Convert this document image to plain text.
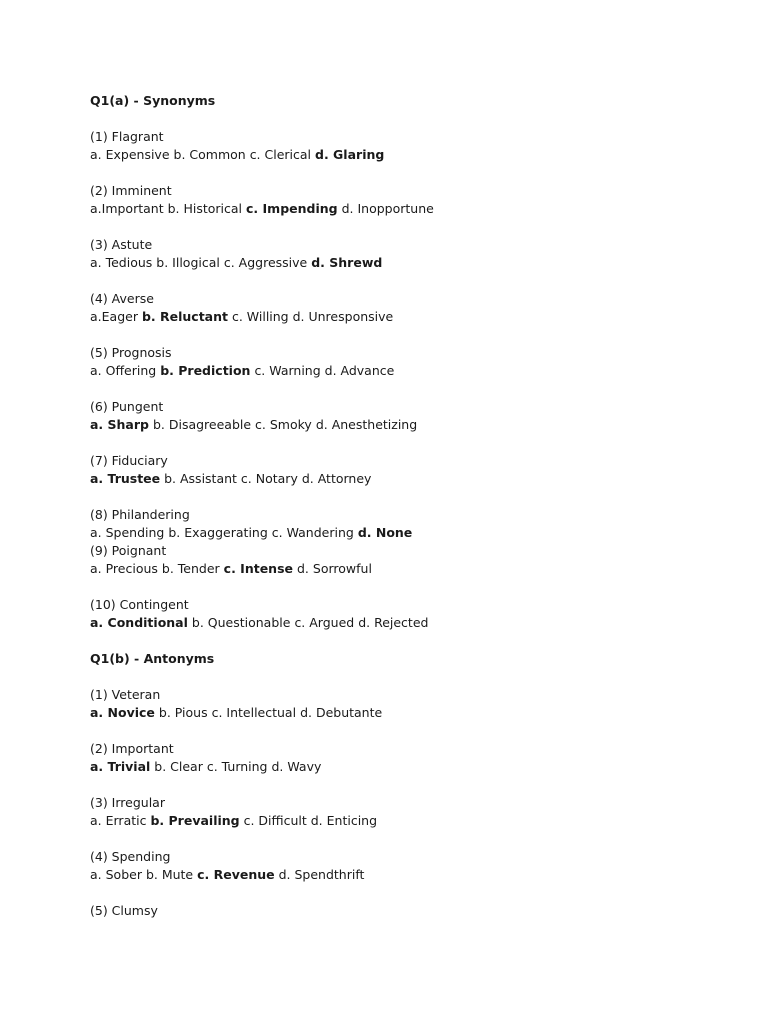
Q1(a) - Synonyms
(1) Flagrant
a. Expensive b. Common c. Clerical d. Glaring
(2) Imminent
a.Important b. Historical c. Impending d. Inopportune
(3) Astute
a. Tedious b. Illogical c. Aggressive d. Shrewd
(4) Averse
a.Eager b. Reluctant c. Willing d. Unresponsive
(5) Prognosis
a. Offering b. Prediction c. Warning d. Advance
(6) Pungent
a. Sharp b. Disagreeable c. Smoky d. Anesthetizing
(7) Fiduciary
a. Trustee b. Assistant c. Notary d. Attorney
(8) Philandering
a. Spending b. Exaggerating c. Wandering d. None
(9) Poignant
a. Precious b. Tender c. Intense d. Sorrowful
(10) Contingent
a. Conditional b. Questionable c. Argued d. Rejected
Q1(b) - Antonyms
(1) Veteran
a. Novice b. Pious c. Intellectual d. Debutante
(2) Important
a. Trivial b. Clear c. Turning d. Wavy
(3) Irregular
a. Erratic b. Prevailing c. Difficult d. Enticing
(4) Spending
a. Sober b. Mute c. Revenue d. Spendthrift
(5) Clumsy
